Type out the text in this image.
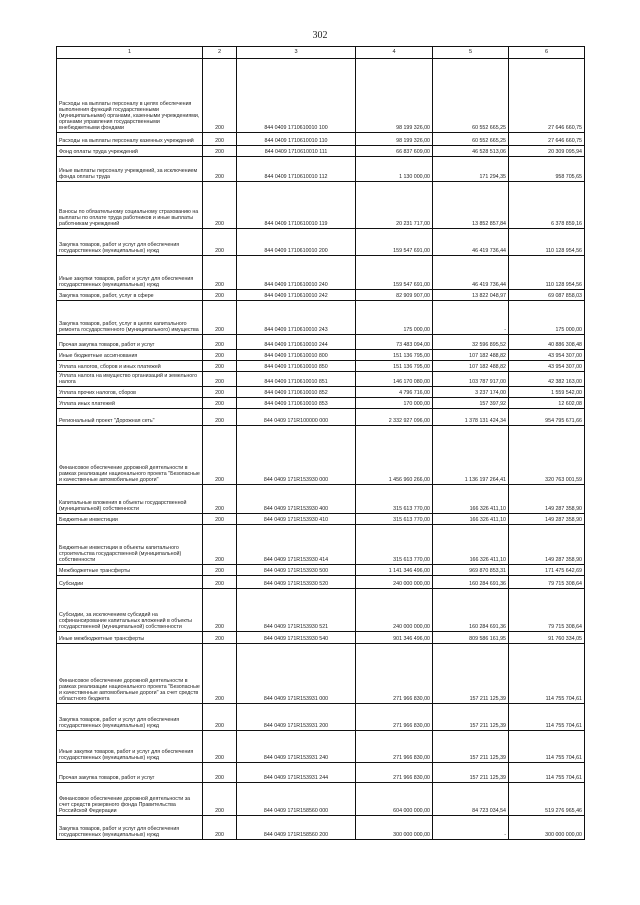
302
1	2	3	4	5	6
Расходы на выплаты персоналу в целях обеспечения выполнения функций государственными (муниципальными) органами, казенными учреждениями, органами управления государственными внебюджетными фондами	200	844 0409 1710610010 100	98 199 326,00	60 552 665,25	27 646 660,75
Расходы на выплаты персоналу казенных учреждений	200	844 0409 1710610010 110	98 199 326,00	60 552 665,25	27 646 660,75
Фонд оплаты труда учреждений	200	844 0409 1710610010 111	66 837 609,00	46 528 513,06	20 309 095,94
Иные выплаты персоналу учреждений, за исключением фонда оплаты труда	200	844 0409 1710610010 112	1 130 000,00	171 294,35	958 705,65
Взносы по обязательному социальному страхованию на выплаты по оплате труда работников и иные выплаты работникам учреждений	200	844 0409 1710610010 119	20 231 717,00	13 852 857,84	6 378 859,16
Закупка товаров, работ и услуг для обеспечения государственных (муниципальных) нужд	200	844 0409 1710610010 200	159 547 691,00	46 419 736,44	110 128 954,56
Иные закупки товаров, работ и услуг для обеспечения государственных (муниципальных) нужд	200	844 0409 1710610010 240	159 547 691,00	46 419 736,44	110 128 954,56
Закупка товаров, работ, услуг в сфере	200	844 0409 1710610010 242	82 909 907,00	13 822 048,97	69 087 858,03
Закупка товаров, работ, услуг в целях капитального ремонта государственного (муниципального) имущества	200	844 0409 1710610010 243	175 000,00	-	175 000,00
Прочая закупка товаров, работ и услуг	200	844 0409 1710610010 244	73 483 094,00	32 596 895,52	40 886 308,48
Иные бюджетные ассигнования	200	844 0409 1710610010 800	151 136 795,00	107 182 488,82	43 954 307,00
Уплата налогов, сборов и иных платежей	200	844 0409 1710610010 850	151 136 795,00	107 182 488,82	43 954 307,00
Уплата налога на имущество организаций и земельного налога	200	844 0409 1710610010 851	146 170 080,00	103 787 917,00	42 382 163,00
Уплата прочих налогов, сборов	200	844 0409 1710610010 852	4 796 716,00	3 237 174,00	1 559 542,00
Уплата иных платежей	200	844 0409 1710610010 853	170 000,00	157 397,92	12 602,08
Региональный проект "Дорожная сеть"	200	844 0409 171R100000 000	2 332 927 096,00	1 378 131 424,34	954 795 671,66
Финансовое обеспечение дорожной деятельности в рамках реализации национального проекта "Безопасные и качественные автомобильные дороги"	200	844 0409 171R153930 000	1 456 960 266,00	1 136 197 264,41	320 763 001,59
Капитальные вложения в объекты государственной (муниципальной) собственности	200	844 0409 171R153930 400	315 613 770,00	166 326 411,10	149 287 358,90
Бюджетные инвестиции	200	844 0409 171R153930 410	315 613 770,00	166 326 411,10	149 287 358,90
Бюджетные инвестиции в объекты капитального строительства государственной (муниципальной) собственности	200	844 0409 171R153930 414	315 613 770,00	166 326 411,10	149 287 358,90
Межбюджетные трансферты	200	844 0409 171R153930 500	1 141 346 496,00	969 870 853,31	171 475 642,69
Субсидии	200	844 0409 171R153930 520	240 000 000,00	160 284 691,36	79 715 308,64
Субсидии, за исключением субсидий на софинансирование капитальных вложений в объекты государственной (муниципальной) собственности	200	844 0409 171R153930 521	240 000 000,00	160 284 691,36	79 715 308,64
Иные межбюджетные трансферты	200	844 0409 171R153930 540	901 346 496,00	809 586 161,95	91 760 334,05
Финансовое обеспечение дорожной деятельности в рамках реализации национального проекта "Безопасные и качественные автомобильные дороги" за счет средств областного бюджета	200	844 0409 171R153931 000	271 966 830,00	157 211 125,39	114 755 704,61
Закупка товаров, работ и услуг для обеспечения государственных (муниципальных) нужд	200	844 0409 171R153931 200	271 966 830,00	157 211 125,39	114 755 704,61
Иные закупки товаров, работ и услуг для обеспечения государственных (муниципальных) нужд	200	844 0409 171R153931 240	271 966 830,00	157 211 125,39	114 755 704,61
Прочая закупка товаров, работ и услуг	200	844 0409 171R153931 244	271 966 830,00	157 211 125,39	114 755 704,61
Финансовое обеспечение дорожной деятельности за счет средств резервного фонда Правительства Российской Федерации	200	844 0409 171R158560 000	604 000 000,00	84 723 034,54	519 276 965,46
Закупка товаров, работ и услуг для обеспечения государственных (муниципальных) нужд	200	844 0409 171R158560 200	300 000 000,00	-	300 000 000,00
